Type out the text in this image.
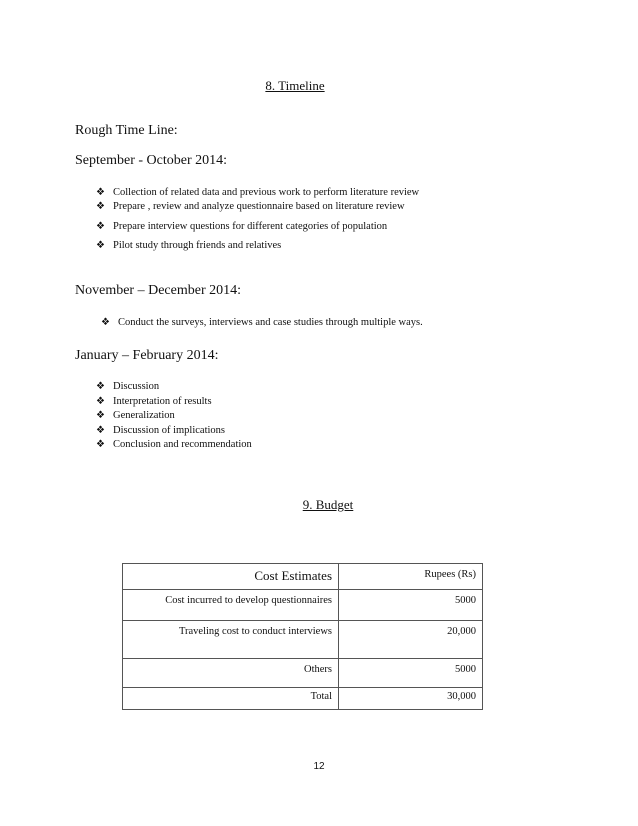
8. Timeline
Rough Time Line:
September - October 2014:
❖ Collection of related data and previous work to perform literature review
❖ Prepare , review and analyze questionnaire based on literature review
❖ Prepare interview questions for different categories of population
❖ Pilot study through friends and relatives
November – December 2014:
❖ Conduct the surveys, interviews and case studies through multiple ways.
January – February 2014:
❖ Discussion
❖ Interpretation of results
❖ Generalization
❖ Discussion of implications
❖ Conclusion and recommendation
9. Budget
Cost Estimates	Rupees (Rs)
Cost incurred to develop questionnaires	5000
Traveling cost to conduct interviews	20,000
Others	5000
Total	30,000
12
